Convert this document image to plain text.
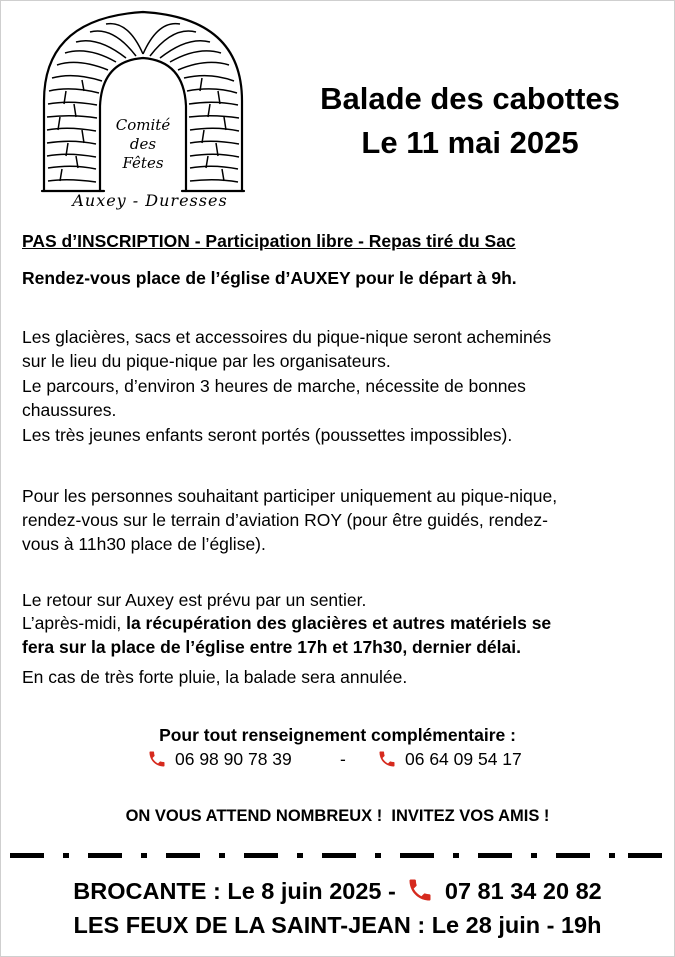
Comité
des
Fêtes
Auxey - Duresses
Balade des cabottes
Le 11 mai 2025
PAS d’INSCRIPTION - Participation libre - Repas tiré du Sac
Rendez-vous place de l’église d’AUXEY pour le départ à 9h.
Les glacières, sacs et accessoires du pique-nique seront acheminés
sur le lieu du pique-nique par les organisateurs.
Le parcours, d’environ 3 heures de marche, nécessite de bonnes
chaussures.
Les très jeunes enfants seront portés (poussettes impossibles).
Pour les personnes souhaitant participer uniquement au pique-nique,
rendez-vous sur le terrain d’aviation ROY (pour être guidés, rendez-
vous à 11h30 place de l’église).
Le retour sur Auxey est prévu par un sentier.
L’après-midi, la récupération des glacières et autres matériels se
fera sur la place de l’église entre 17h et 17h30, dernier délai.
En cas de très forte pluie, la balade sera annulée.
Pour tout renseignement complémentaire :
06 98 90 78 39	-	06 64 09 54 17
ON VOUS ATTEND NOMBREUX !  INVITEZ VOS AMIS !
BROCANTE : Le 8 juin 2025 - 07 81 34 20 82
LES FEUX DE LA SAINT-JEAN : Le 28 juin - 19h
